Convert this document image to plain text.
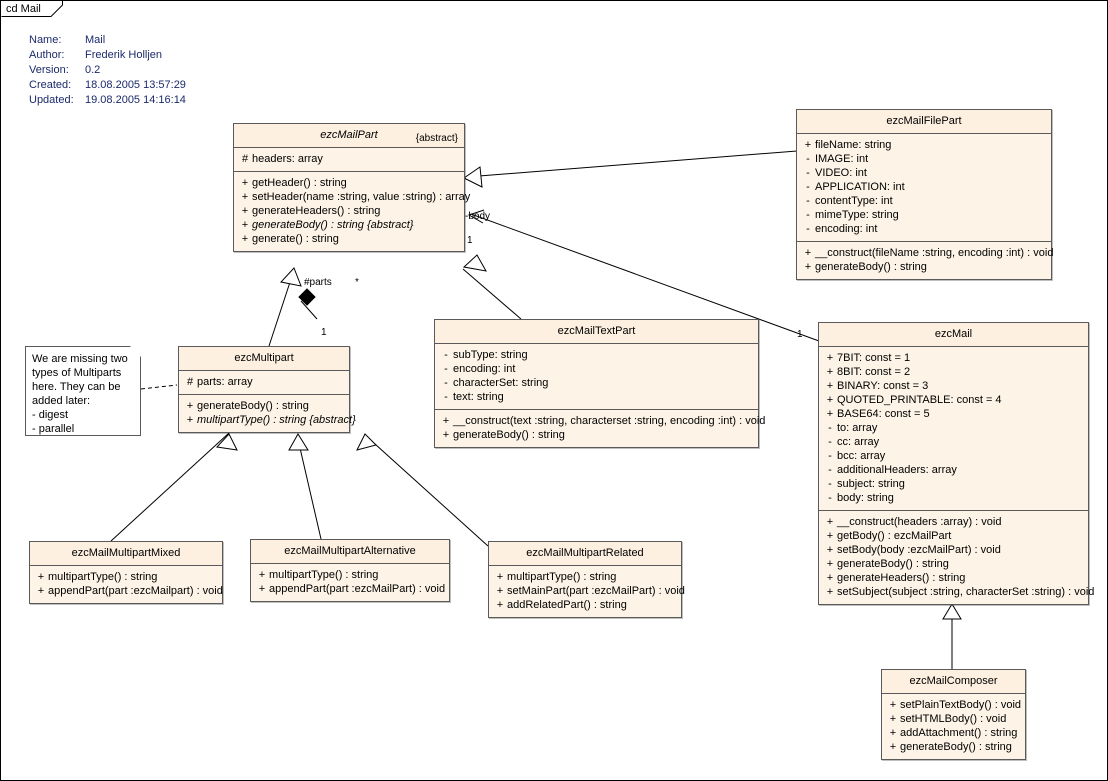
cd Mail
Name:	Mail
Author:	Frederik Holljen
Version:	0.2
Created:	18.08.2005 13:57:29
Updated:	19.08.2005 14:16:14
-body
1
#parts *
1	1
We are missing two types of Multiparts here. They can be added later:
- digest
- parallel
ezcMailPart	{abstract}
# headers: array
+ getHeader() : string
+ setHeader(name :string, value :string) : array
+ generateHeaders() : string
+ generateBody() : string {abstract}
+ generate() : string
ezcMailFilePart
+ fileName: string
- IMAGE: int
- VIDEO: int
- APPLICATION: int
- contentType: int
- mimeType: string
- encoding: int
+ __construct(fileName :string, encoding :int) : void
+ generateBody() : string
ezcMultipart
# parts: array
+ generateBody() : string
+ multipartType() : string {abstract}
ezcMailTextPart
- subType: string
- encoding: int
- characterSet: string
- text: string
+ __construct(text :string, characterset :string, encoding :int) : void
+ generateBody() : string
ezcMail
+ 7BIT: const = 1
+ 8BIT: const = 2
+ BINARY: const = 3
+ QUOTED_PRINTABLE: const = 4
+ BASE64: const = 5
- to: array
- cc: array
- bcc: array
- additionalHeaders: array
- subject: string
- body: string
+ __construct(headers :array) : void
+ getBody() : ezcMailPart
+ setBody(body :ezcMailPart) : void
+ generateBody() : string
+ generateHeaders() : string
+ setSubject(subject :string, characterSet :string) : void
ezcMailMultipartMixed
+ multipartType() : string
+ appendPart(part :ezcMailpart) : void
ezcMailMultipartAlternative
+ multipartType() : string
+ appendPart(part :ezcMailPart) : void
ezcMailMultipartRelated
+ multipartType() : string
+ setMainPart(part :ezcMailPart) : void
+ addRelatedPart() : string
ezcMailComposer
+ setPlainTextBody() : void
+ setHTMLBody() : void
+ addAttachment() : string
+ generateBody() : string
